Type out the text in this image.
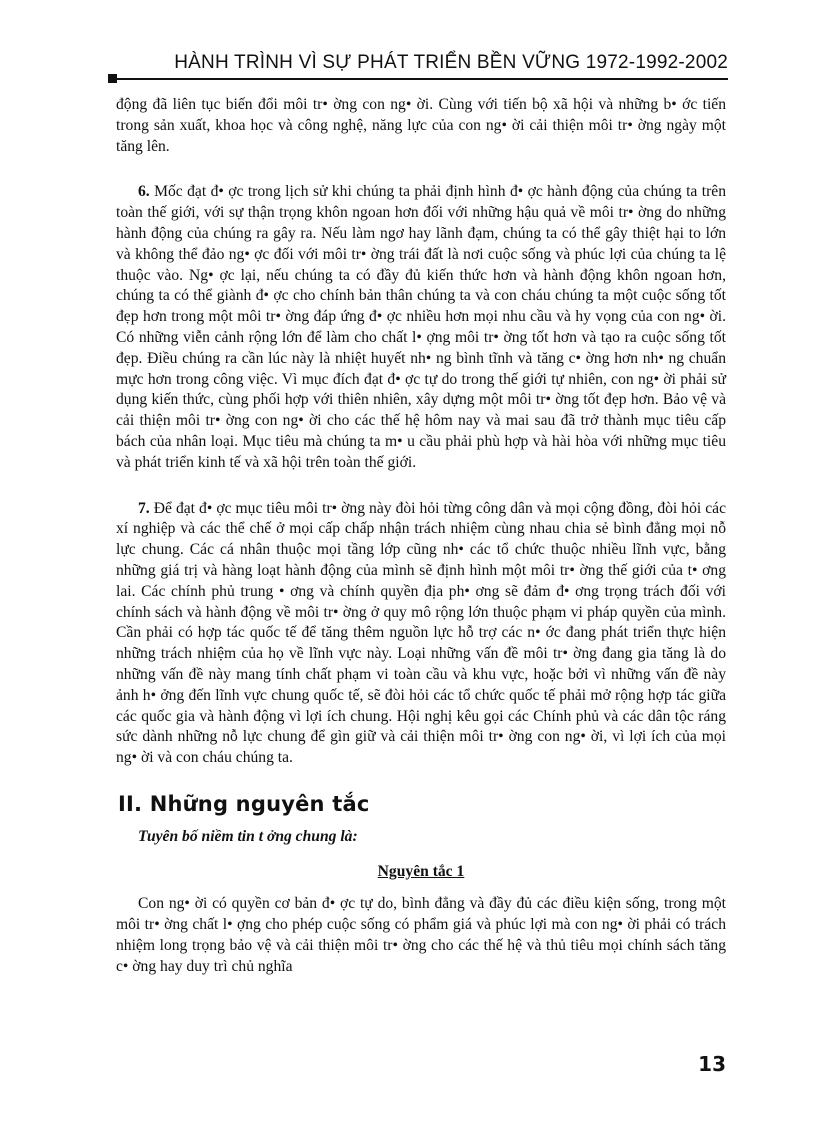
HÀNH TRÌNH VÌ SỰ PHÁT TRIỂN BỀN VỮNG 1972-1992-2002

động đã liên tục biến đổi môi tr• ờng con ng• ời. Cùng với tiến bộ xã hội và những b• ớc tiến trong sản xuất, khoa học và công nghệ, năng lực của con ng• ời cải thiện môi tr• ờng ngày một tăng lên.

6. Mốc đạt đ• ợc trong lịch sử khi chúng ta phải định hình đ• ợc hành động của chúng ta trên toàn thế giới, với sự thận trọng khôn ngoan hơn đối với những hậu quả về môi tr• ờng do những hành động của chúng ra gây ra. Nếu làm ngơ hay lãnh đạm, chúng ta có thể gây thiệt hại to lớn và không thể đảo ng• ợc đối với môi tr• ờng trái đất là nơi cuộc sống và phúc lợi của chúng ta lệ thuộc vào. Ng• ợc lại, nếu chúng ta có đầy đủ kiến thức hơn và hành động khôn ngoan hơn, chúng ta có thể giành đ• ợc cho chính bản thân chúng ta và con cháu chúng ta một cuộc sống tốt đẹp hơn trong một môi tr• ờng đáp ứng đ• ợc nhiều hơn mọi nhu cầu và hy vọng của con ng• ời. Có những viễn cảnh rộng lớn để làm cho chất l• ợng môi tr• ờng tốt hơn và tạo ra cuộc sống tốt đẹp. Điều chúng ra cần lúc này là nhiệt huyết nh• ng bình tĩnh và tăng c• ờng hơn nh• ng chuẩn mực hơn trong công việc. Vì mục đích đạt đ• ợc tự do trong thế giới tự nhiên, con ng• ời phải sử dụng kiến thức, cùng phối hợp với thiên nhiên, xây dựng một môi tr• ờng tốt đẹp hơn. Bảo vệ và cải thiện môi tr• ờng con ng• ời cho các thế hệ hôm nay và mai sau đã trở thành mục tiêu cấp bách của nhân loại. Mục tiêu mà chúng ta m• u cầu phải phù hợp và hài hòa với những mục tiêu và phát triển kinh tế và xã hội trên toàn thế giới.

7. Để đạt đ• ợc mục tiêu môi tr• ờng này đòi hỏi từng công dân và mọi cộng đồng, đòi hỏi các xí nghiệp và các thể chế ở mọi cấp chấp nhận trách nhiệm cùng nhau chia sẻ bình đẳng mọi nỗ lực chung. Các cá nhân thuộc mọi tầng lớp cũng nh• các tổ chức thuộc nhiều lĩnh vực, bằng những giá trị và hàng loạt hành động của mình sẽ định hình một môi tr• ờng thế giới của t• ơng lai. Các chính phủ trung • ơng và chính quyền địa ph• ơng sẽ đảm đ• ơng trọng trách đối với chính sách và hành động về môi tr• ờng ở quy mô rộng lớn thuộc phạm vi pháp quyền của mình. Cần phải có hợp tác quốc tế để tăng thêm nguồn lực hỗ trợ các n• ớc đang phát triển thực hiện những trách nhiệm của họ về lĩnh vực này. Loại những vấn đề môi tr• ờng đang gia tăng là do những vấn đề này mang tính chất phạm vi toàn cầu và khu vực, hoặc bởi vì những vấn đề này ảnh h• ởng đến lĩnh vực chung quốc tế, sẽ đòi hỏi các tổ chức quốc tế phải mở rộng hợp tác giữa các quốc gia và hành động vì lợi ích chung. Hội nghị kêu gọi các Chính phủ và các dân tộc ráng sức dành những nỗ lực chung để gìn giữ và cải thiện môi tr• ờng con ng• ời, vì lợi ích của mọi ng• ời và con cháu chúng ta.

II. Những nguyên tắc

Tuyên bố niềm tin t ởng chung là:

Nguyên tắc 1

Con ng• ời có quyền cơ bản đ• ợc tự do, bình đẳng và đầy đủ các điều kiện sống, trong một môi tr• ờng chất l• ợng cho phép cuộc sống có phẩm giá và phúc lợi mà con ng• ời phải có trách nhiệm long trọng bảo vệ và cải thiện môi tr• ờng cho các thế hệ và thủ tiêu mọi chính sách tăng c• ờng hay duy trì chủ nghĩa

13
